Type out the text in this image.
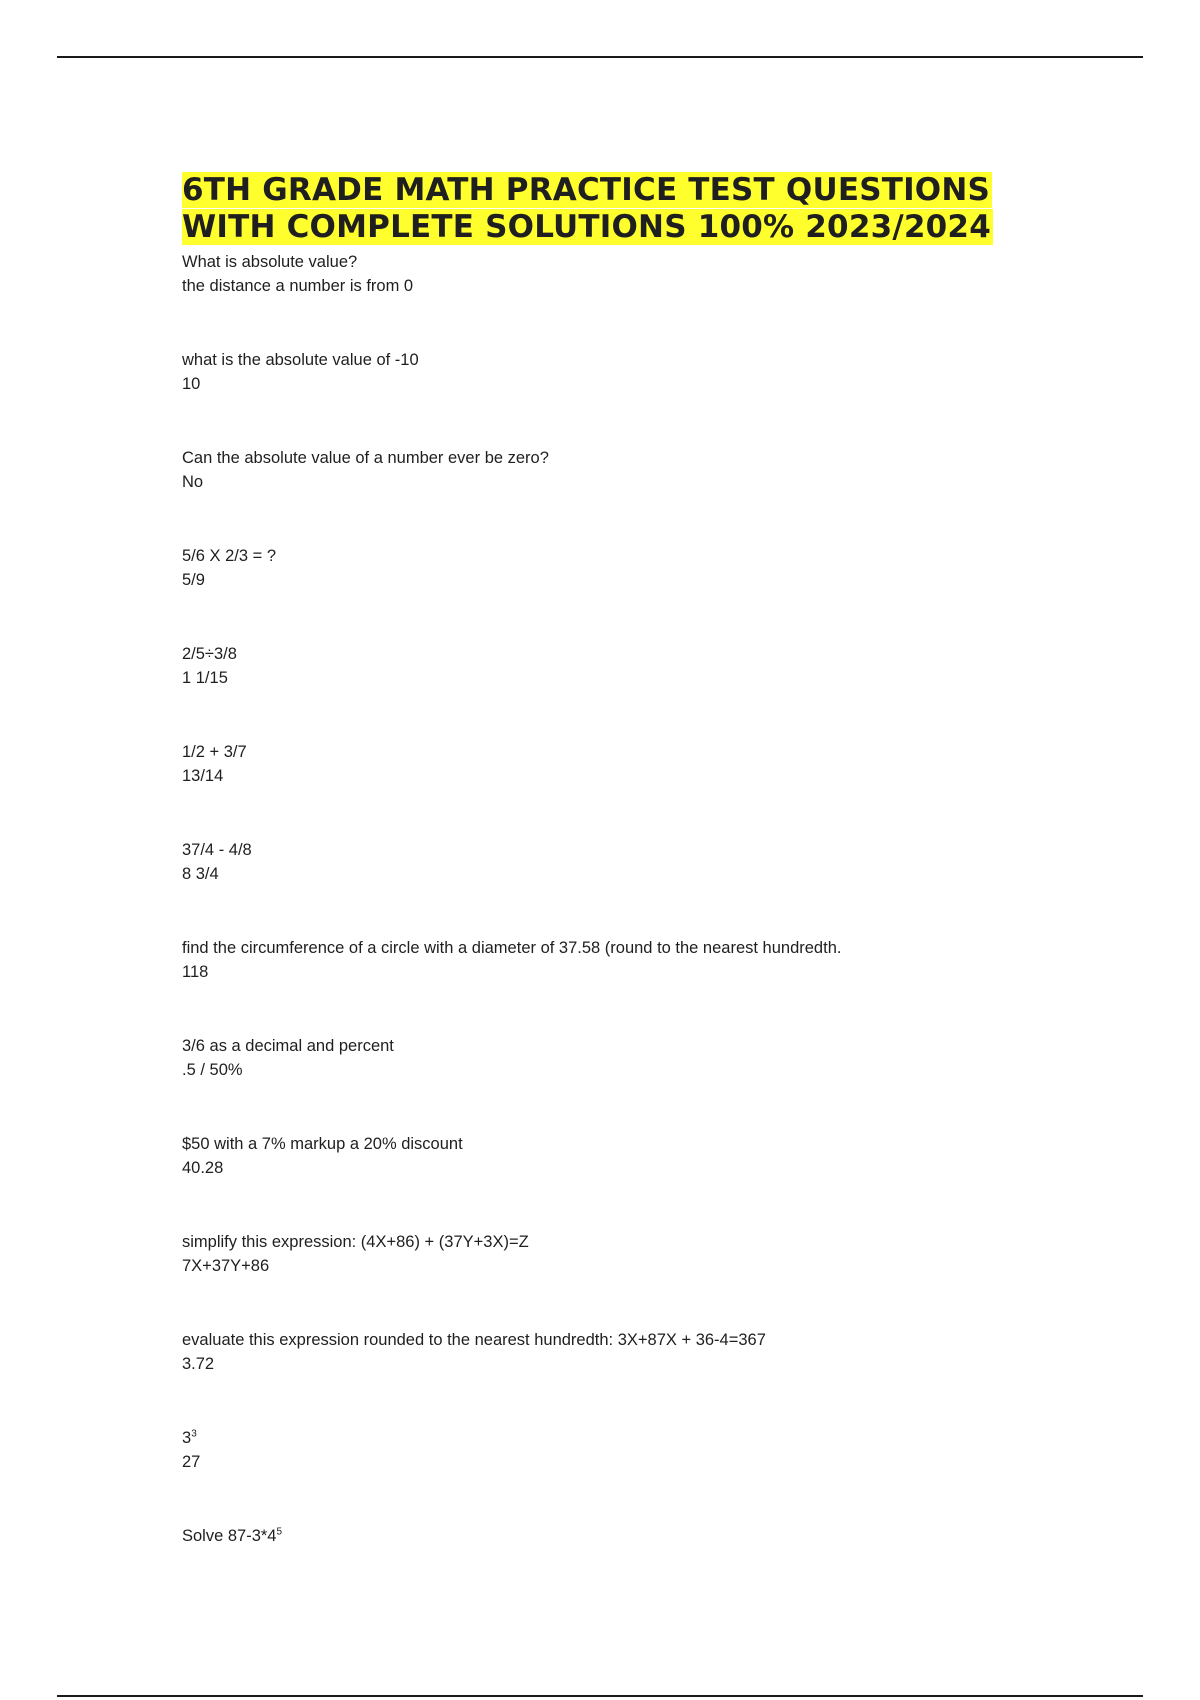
6TH GRADE MATH PRACTICE TEST QUESTIONS
WITH COMPLETE SOLUTIONS 100% 2023/2024
What is absolute value?
the distance a number is from 0
what is the absolute value of -10
10
Can the absolute value of a number ever be zero?
No
5/6 X 2/3 = ?
5/9
2/5÷3/8
1 1/15
1/2 + 3/7
13/14
37/4 - 4/8
8 3/4
find the circumference of a circle with a diameter of 37.58 (round to the nearest hundredth.
118
3/6 as a decimal and percent
.5 / 50%
$50 with a 7% markup a 20% discount
40.28
simplify this expression: (4X+86) + (37Y+3X)=Z
7X+37Y+86
evaluate this expression rounded to the nearest hundredth: 3X+87X + 36-4=367
3.72
$3^3$
27
Solve $87-3*4^5$
